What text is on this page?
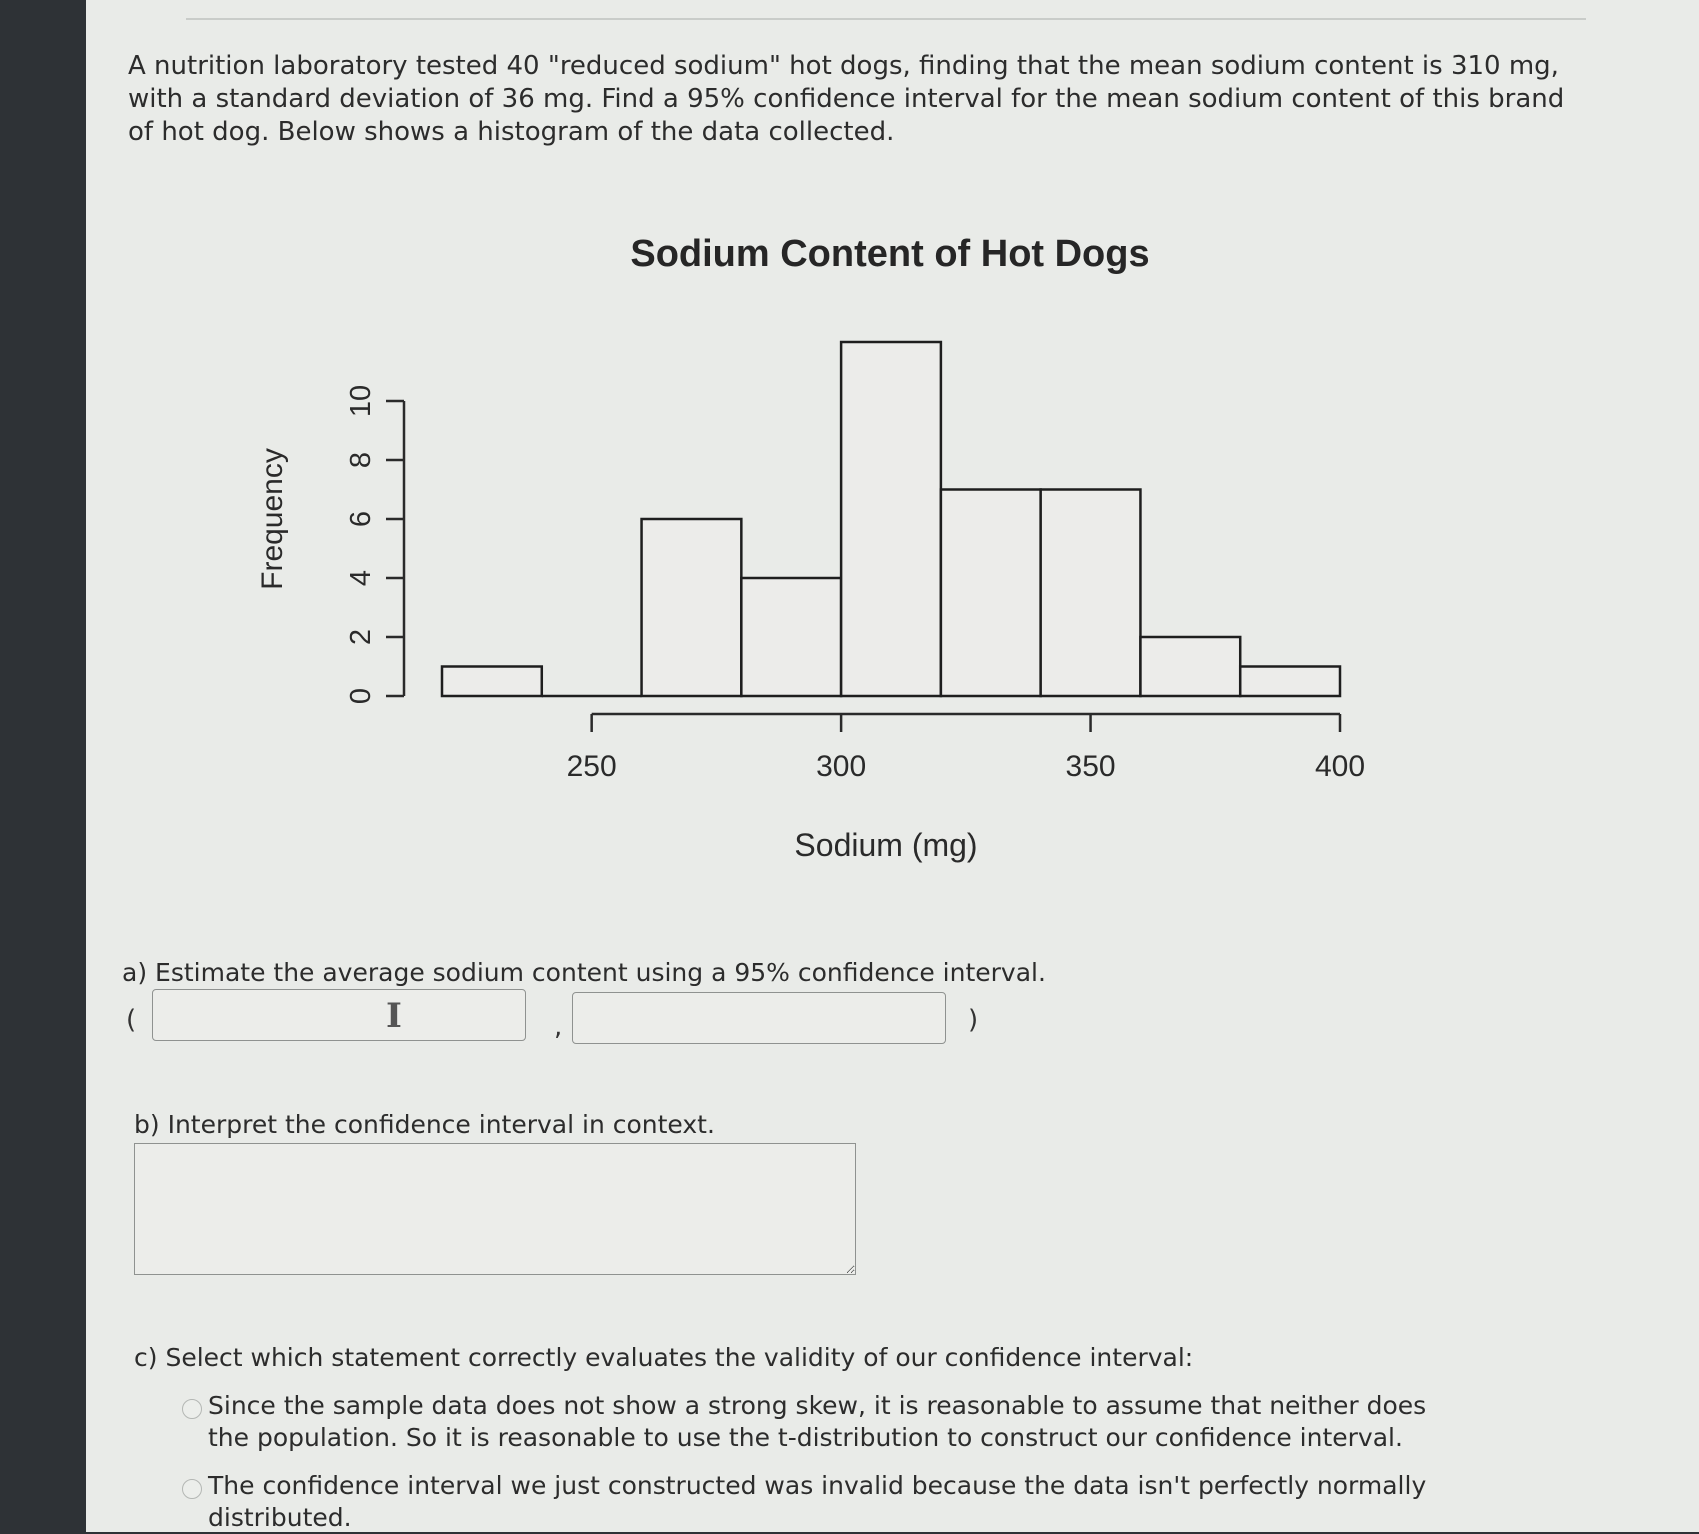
A nutrition laboratory tested 40 "reduced sodium" hot dogs, finding that the mean sodium content is 310 mg, with a standard deviation of 36 mg. Find a 95% confidence interval for the mean sodium content of this brand of hot dog. Below shows a histogram of the data collected.
Sodium Content of Hot Dogs
0
2
4
6
8
10
250	300	350	400
Frequency
Sodium (mg)
a) Estimate the average sodium content using a 95% confidence interval.
(	I	,	)
b) Interpret the confidence interval in context.
c) Select which statement correctly evaluates the validity of our confidence interval:
Since the sample data does not show a strong skew, it is reasonable to assume that neither does the population. So it is reasonable to use the t-distribution to construct our confidence interval.
The confidence interval we just constructed was invalid because the data isn't perfectly normally distributed.
